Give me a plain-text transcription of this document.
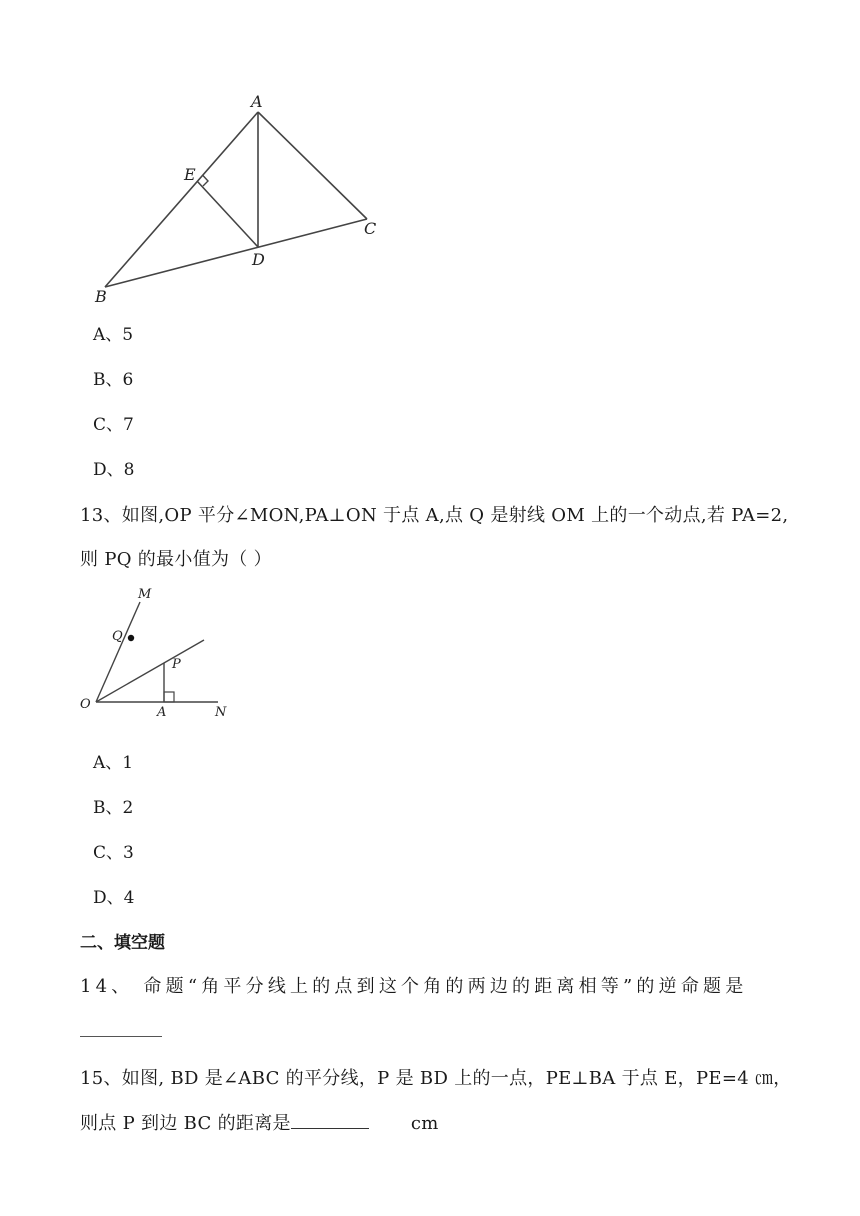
A
E
C
D
B
A、5
B、6
C、7
D、8
13、如图,OP 平分∠MON,PA⊥ON 于点 A,点 Q 是射线 OM 上的一个动点,若 PA=2,
则 PQ 的最小值为（ ）
M
Q
P
O
A	N
A、1
B、2
C、3
D、4
二、填空题
14、 命题“角平分线上的点到这个角的两边的距离相等”的逆命题是
15、如图, BD 是∠ABC 的平分线，P 是 BD 上的一点，PE⊥BA 于点 E，PE=4 ㎝，
则点 P 到边 BC 的距离是	cm
